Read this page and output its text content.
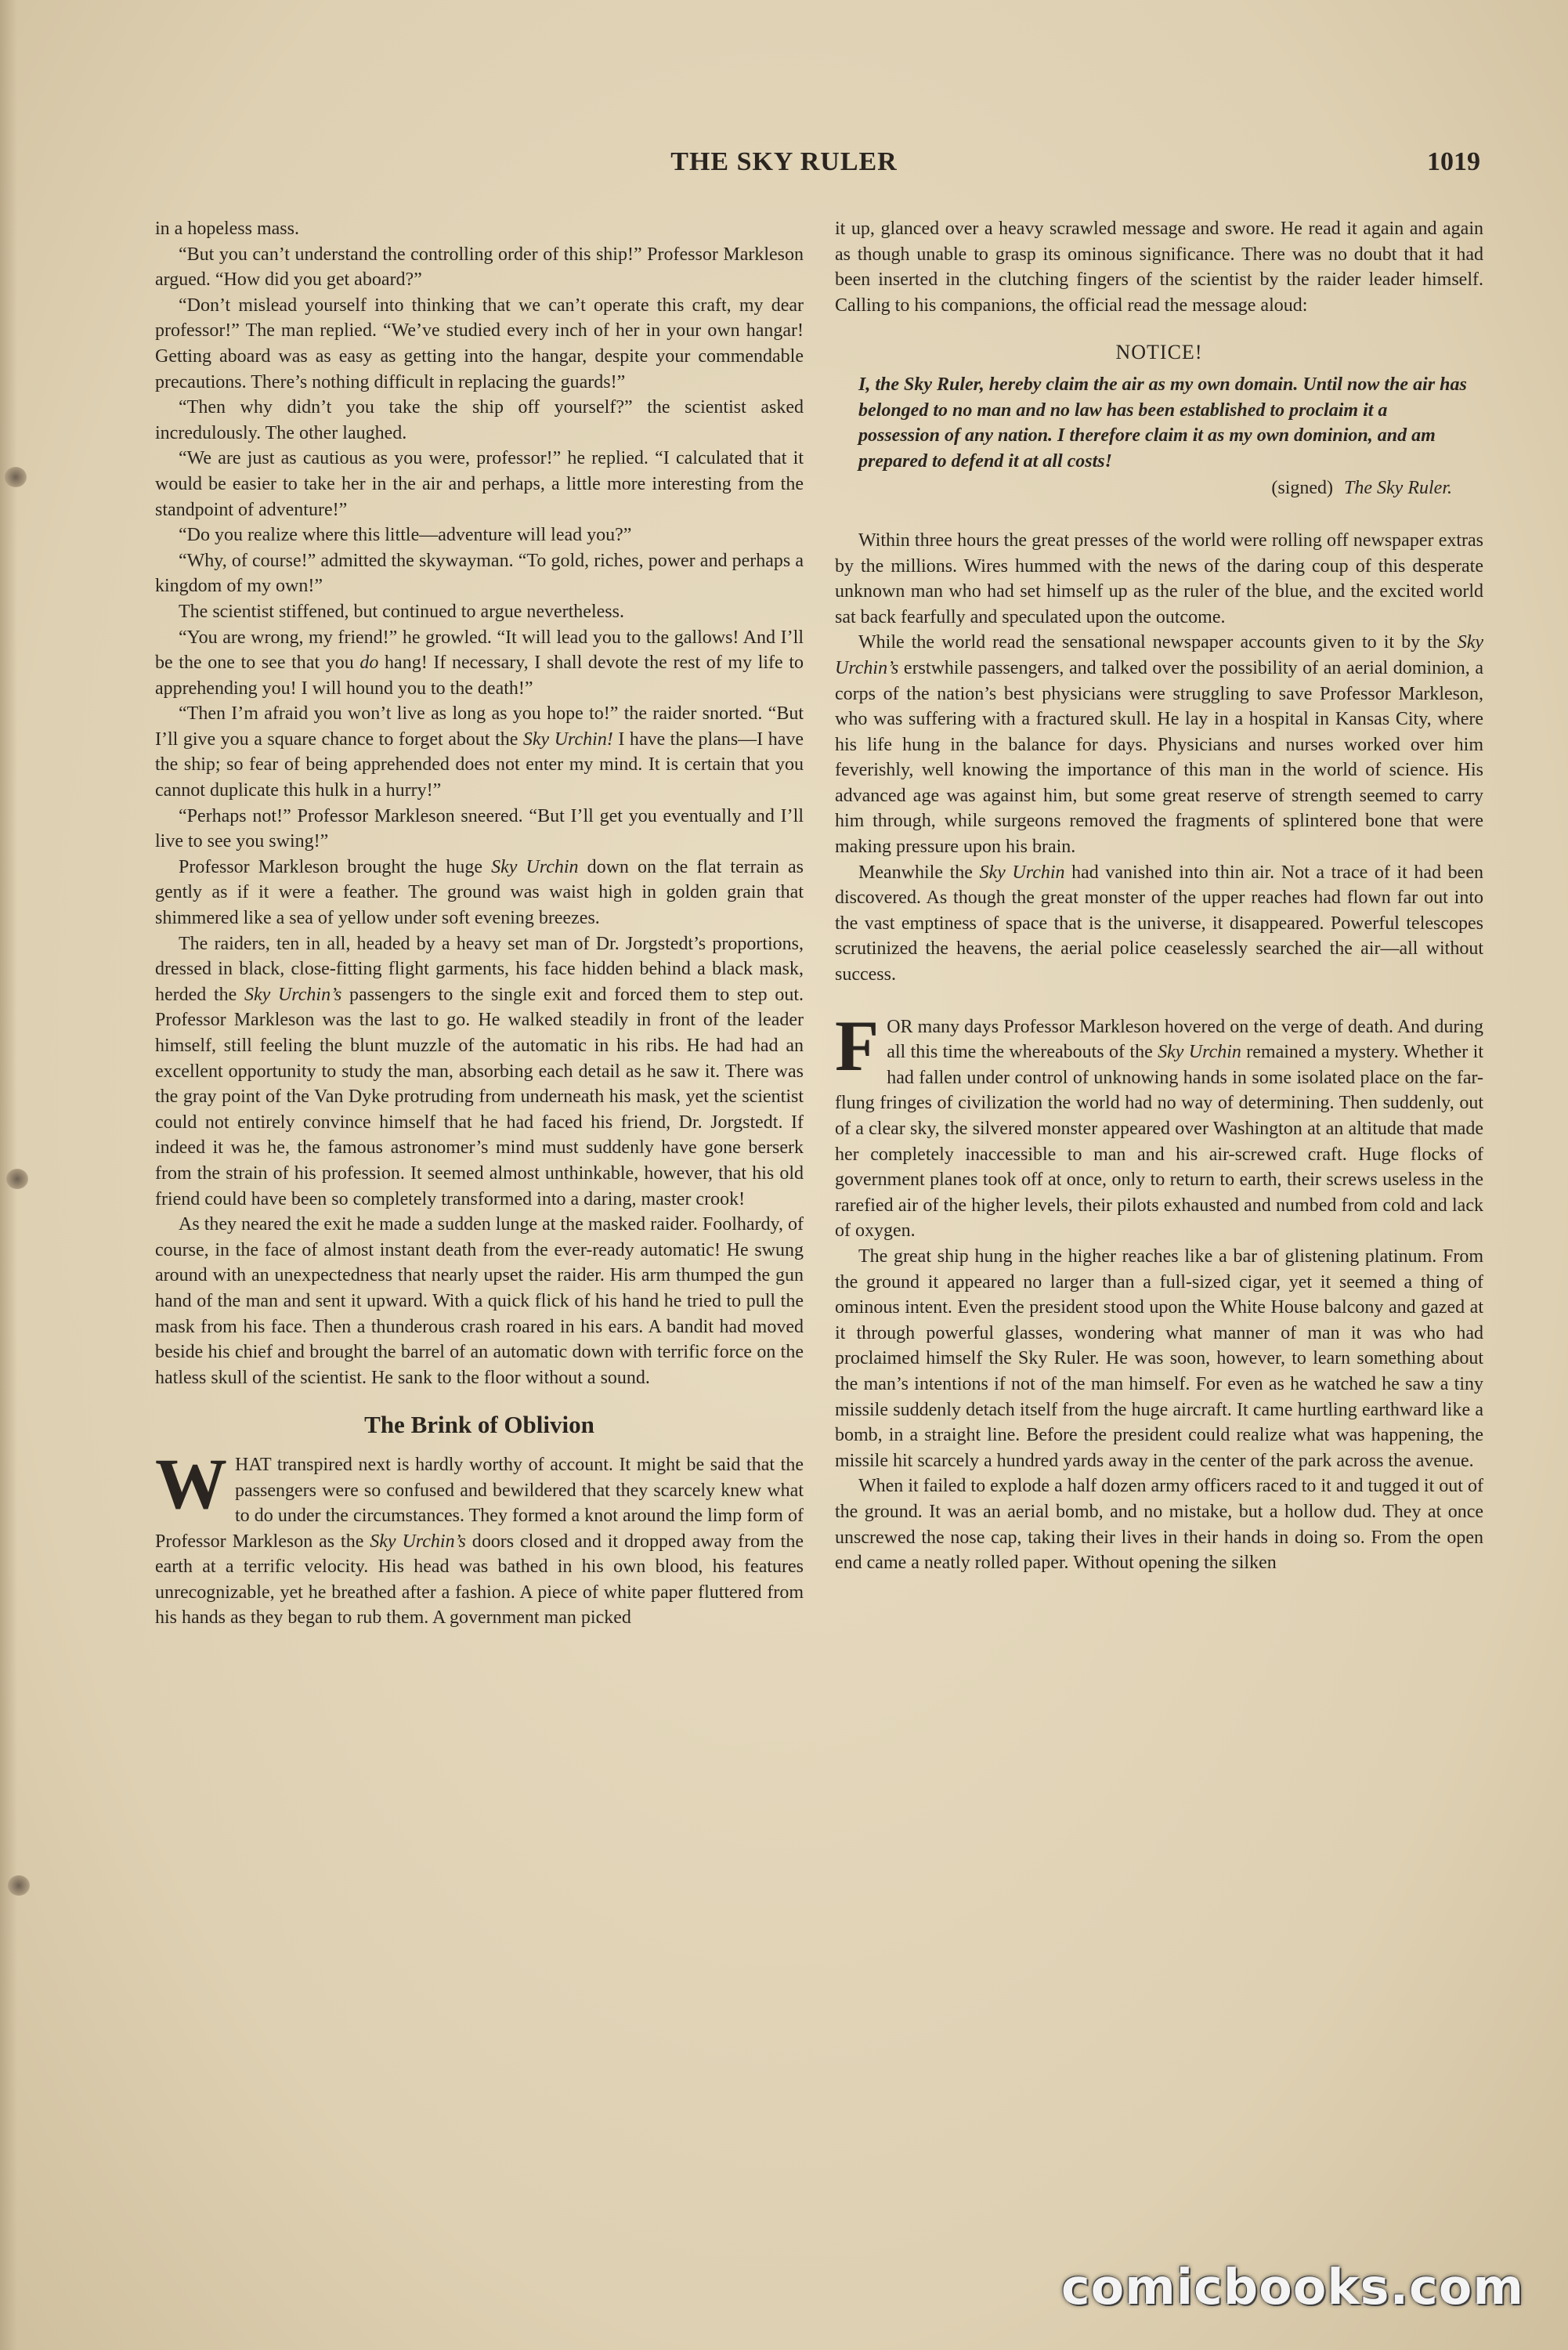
THE SKY RULER	1019

in a hopeless mass.

“But you can’t understand the controlling order of this ship!” Professor Markleson argued. “How did you get aboard?”

“Don’t mislead yourself into thinking that we can’t operate this craft, my dear professor!” The man replied. “We’ve studied every inch of her in your own hangar! Getting aboard was as easy as getting into the hangar, despite your commendable precautions. There’s nothing difficult in replacing the guards!”

“Then why didn’t you take the ship off yourself?” the scientist asked incredulously. The other laughed.

“We are just as cautious as you were, professor!” he replied. “I calculated that it would be easier to take her in the air and perhaps, a little more interesting from the standpoint of adventure!”

“Do you realize where this little—adventure will lead you?”

“Why, of course!” admitted the skywayman. “To gold, riches, power and perhaps a kingdom of my own!”

The scientist stiffened, but continued to argue nevertheless.

“You are wrong, my friend!” he growled. “It will lead you to the gallows! And I’ll be the one to see that you do hang! If necessary, I shall devote the rest of my life to apprehending you! I will hound you to the death!”

“Then I’m afraid you won’t live as long as you hope to!” the raider snorted. “But I’ll give you a square chance to forget about the Sky Urchin! I have the plans—I have the ship; so fear of being apprehended does not enter my mind. It is certain that you cannot duplicate this hulk in a hurry!”

“Perhaps not!” Professor Markleson sneered. “But I’ll get you eventually and I’ll live to see you swing!”

Professor Markleson brought the huge Sky Urchin down on the flat terrain as gently as if it were a feather. The ground was waist high in golden grain that shimmered like a sea of yellow under soft evening breezes.

The raiders, ten in all, headed by a heavy set man of Dr. Jorgstedt’s proportions, dressed in black, close-fitting flight garments, his face hidden behind a black mask, herded the Sky Urchin’s passengers to the single exit and forced them to step out. Professor Markleson was the last to go. He walked steadily in front of the leader himself, still feeling the blunt muzzle of the automatic in his ribs. He had had an excellent opportunity to study the man, absorbing each detail as he saw it. There was the gray point of the Van Dyke protruding from underneath his mask, yet the scientist could not entirely convince himself that he had faced his friend, Dr. Jorgstedt. If indeed it was he, the famous astronomer’s mind must suddenly have gone berserk from the strain of his profession. It seemed almost unthinkable, however, that his old friend could have been so completely transformed into a daring, master crook!

As they neared the exit he made a sudden lunge at the masked raider. Foolhardy, of course, in the face of almost instant death from the ever-ready automatic! He swung around with an unexpectedness that nearly upset the raider. His arm thumped the gun hand of the man and sent it upward. With a quick flick of his hand he tried to pull the mask from his face. Then a thunderous crash roared in his ears. A bandit had moved beside his chief and brought the barrel of an automatic down with terrific force on the hatless skull of the scientist. He sank to the floor without a sound.

The Brink of Oblivion

WHAT transpired next is hardly worthy of account. It might be said that the passengers were so confused and bewildered that they scarcely knew what to do under the circumstances. They formed a knot around the limp form of Professor Markleson as the Sky Urchin’s doors closed and it dropped away from the earth at a terrific velocity. His head was bathed in his own blood, his features unrecognizable, yet he breathed after a fashion. A piece of white paper fluttered from his hands as they began to rub them. A government man picked

it up, glanced over a heavy scrawled message and swore. He read it again and again as though unable to grasp its ominous significance. There was no doubt that it had been inserted in the clutching fingers of the scientist by the raider leader himself. Calling to his companions, the official read the message aloud:

NOTICE!
I, the Sky Ruler, hereby claim the air as my own domain. Until now the air has belonged to no man and no law has been established to proclaim it a possession of any nation. I therefore claim it as my own dominion, and am prepared to defend it at all costs!
(signed) The Sky Ruler.

Within three hours the great presses of the world were rolling off newspaper extras by the millions. Wires hummed with the news of the daring coup of this desperate unknown man who had set himself up as the ruler of the blue, and the excited world sat back fearfully and speculated upon the outcome.

While the world read the sensational newspaper accounts given to it by the Sky Urchin’s erstwhile passengers, and talked over the possibility of an aerial dominion, a corps of the nation’s best physicians were struggling to save Professor Markleson, who was suffering with a fractured skull. He lay in a hospital in Kansas City, where his life hung in the balance for days. Physicians and nurses worked over him feverishly, well knowing the importance of this man in the world of science. His advanced age was against him, but some great reserve of strength seemed to carry him through, while surgeons removed the fragments of splintered bone that were making pressure upon his brain.

Meanwhile the Sky Urchin had vanished into thin air. Not a trace of it had been discovered. As though the great monster of the upper reaches had flown far out into the vast emptiness of space that is the universe, it disappeared. Powerful telescopes scrutinized the heavens, the aerial police ceaselessly searched the air—all without success.

FOR many days Professor Markleson hovered on the verge of death. And during all this time the whereabouts of the Sky Urchin remained a mystery. Whether it had fallen under control of unknowing hands in some isolated place on the far-flung fringes of civilization the world had no way of determining. Then suddenly, out of a clear sky, the silvered monster appeared over Washington at an altitude that made her completely inaccessible to man and his air-screwed craft. Huge flocks of government planes took off at once, only to return to earth, their screws useless in the rarefied air of the higher levels, their pilots exhausted and numbed from cold and lack of oxygen.

The great ship hung in the higher reaches like a bar of glistening platinum. From the ground it appeared no larger than a full-sized cigar, yet it seemed a thing of ominous intent. Even the president stood upon the White House balcony and gazed at it through powerful glasses, wondering what manner of man it was who had proclaimed himself the Sky Ruler. He was soon, however, to learn something about the man’s intentions if not of the man himself. For even as he watched he saw a tiny missile suddenly detach itself from the huge aircraft. It came hurtling earthward like a bomb, in a straight line. Before the president could realize what was happening, the missile hit scarcely a hundred yards away in the center of the park across the avenue.

When it failed to explode a half dozen army officers raced to it and tugged it out of the ground. It was an aerial bomb, and no mistake, but a hollow dud. They at once unscrewed the nose cap, taking their lives in their hands in doing so. From the open end came a neatly rolled paper. Without opening the silken

comicbooks.com
